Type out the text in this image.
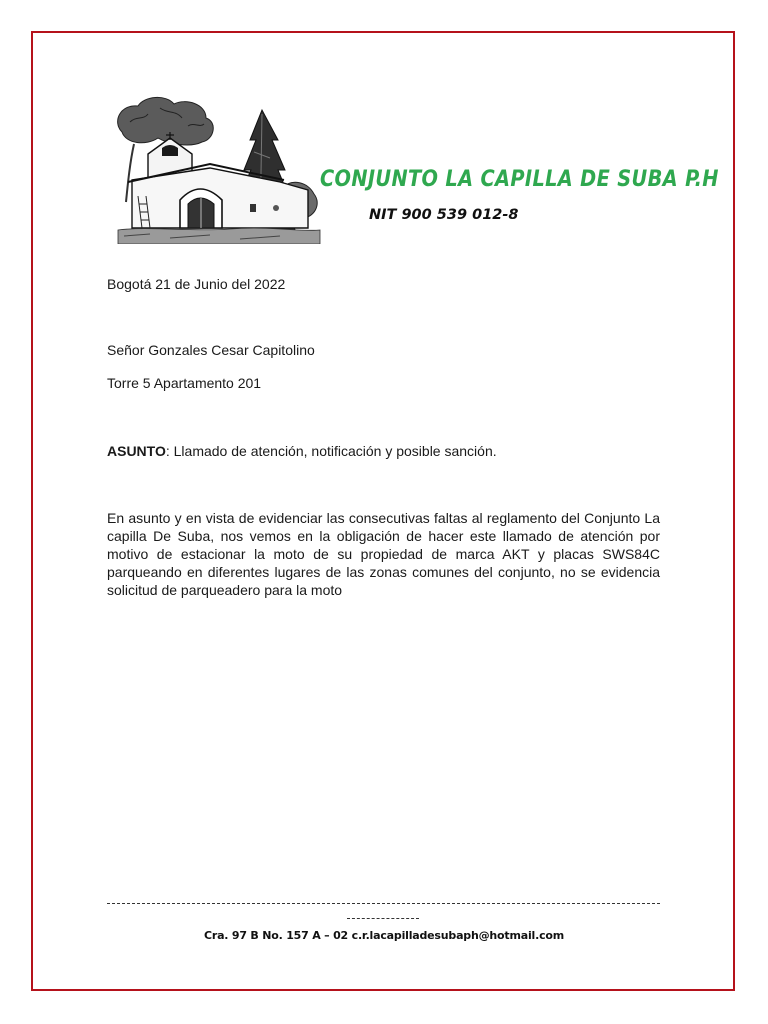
CONJUNTO LA CAPILLA DE SUBA P.H
NIT 900 539 012-8
Bogotá 21 de Junio del 2022
Señor Gonzales Cesar Capitolino
Torre 5 Apartamento 201
ASUNTO: Llamado de atención, notificación y posible sanción.

En asunto y en vista de evidenciar las consecutivas faltas al reglamento del Conjunto La capilla De Suba, nos vemos en la obligación de hacer este llamado de atención por motivo de estacionar la moto de su propiedad de marca AKT y placas SWS84C parqueando en diferentes lugares de las zonas comunes del conjunto, no se evidencia solicitud de parqueadero para la moto

Cra. 97 B No. 157 A – 02 c.r.lacapilladesubaph@hotmail.com
